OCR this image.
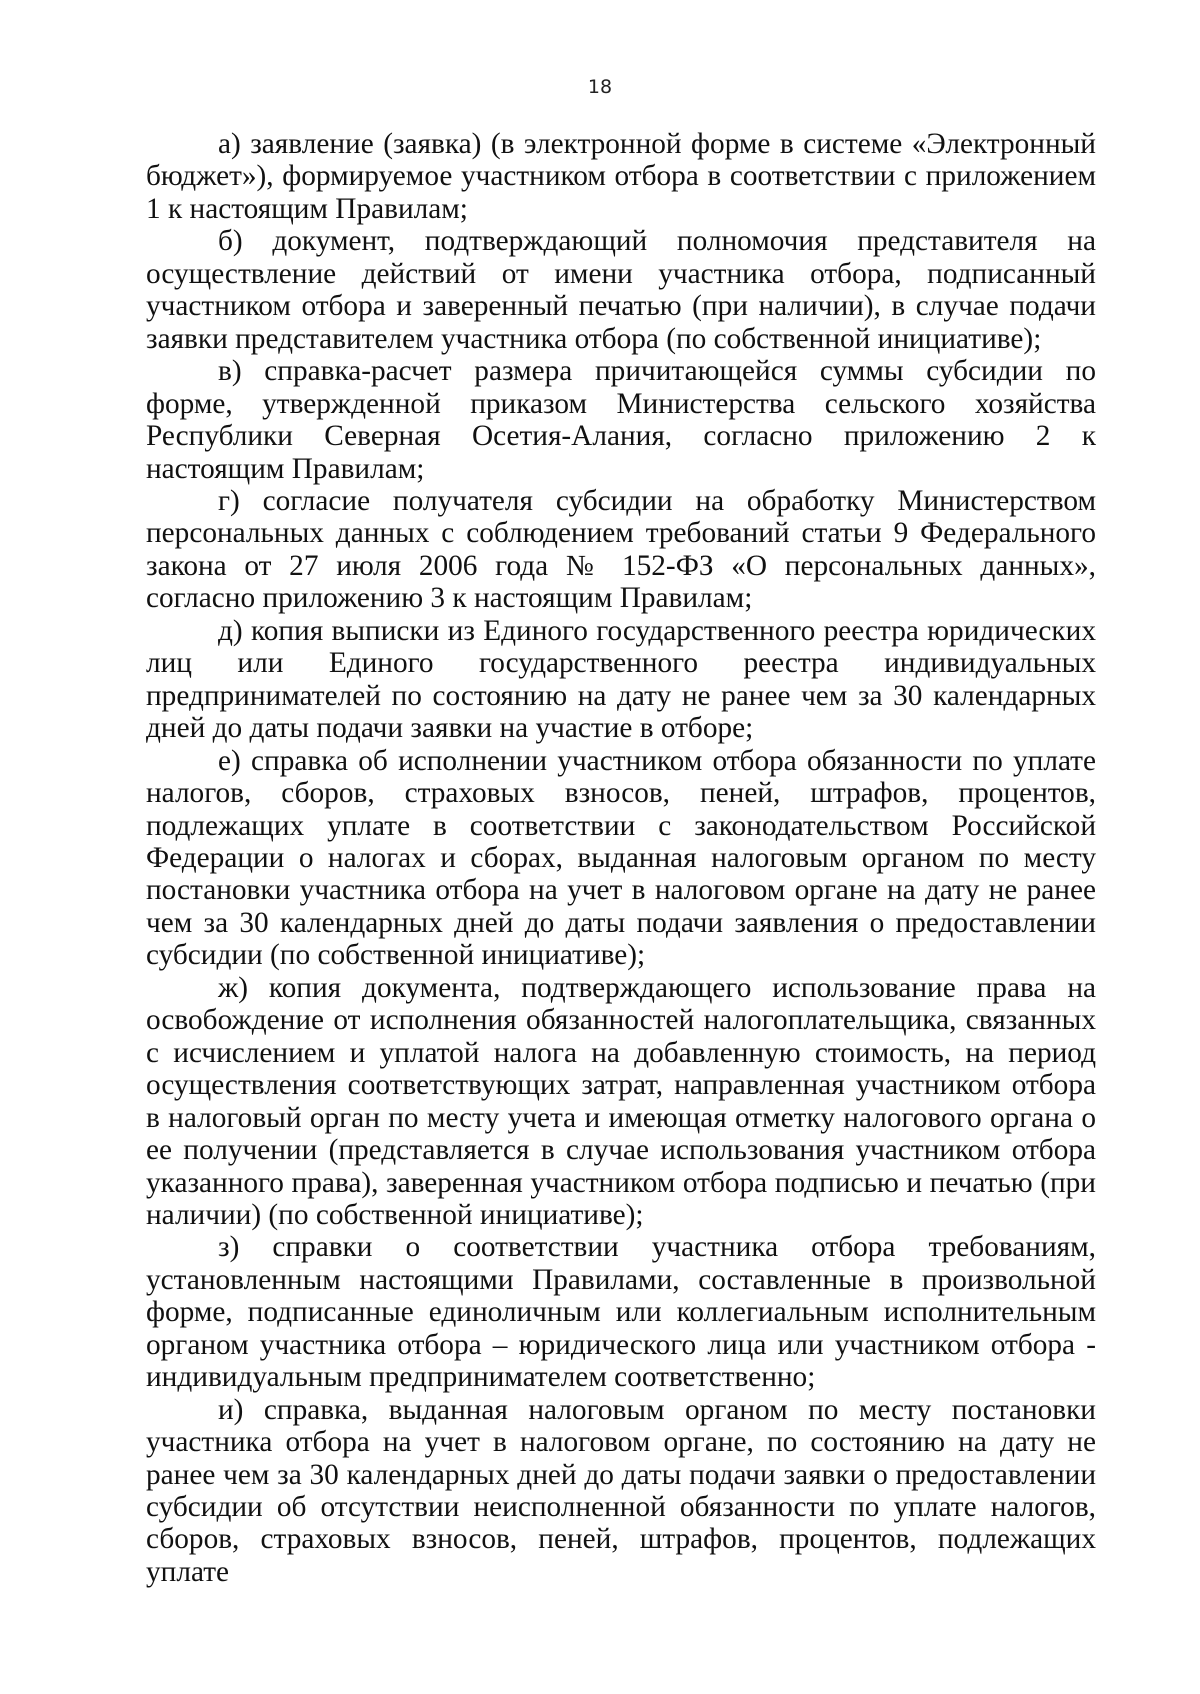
18

а) заявление (заявка) (в электронной форме в системе «Электронный бюджет»), формируемое участником отбора в соответствии с приложением 1 к настоящим Правилам;

б) документ, подтверждающий полномочия представителя на осуществление действий от имени участника отбора, подписанный участником отбора и заверенный печатью (при наличии), в случае подачи заявки представителем участника отбора (по собственной инициативе);

в) справка-расчет размера причитающейся суммы субсидии по форме, утвержденной приказом Министерства сельского хозяйства Республики Северная Осетия-Алания, согласно приложению 2 к настоящим Правилам;

г) согласие получателя субсидии на обработку Министерством персональных данных с соблюдением требований статьи 9 Федерального закона от 27 июля 2006 года № 152-ФЗ «О персональных данных», согласно приложению 3 к настоящим Правилам;

д) копия выписки из Единого государственного реестра юридических лиц или Единого государственного реестра индивидуальных предпринимателей по состоянию на дату не ранее чем за 30 календарных дней до даты подачи заявки на участие в отборе;

е) справка об исполнении участником отбора обязанности по уплате налогов, сборов, страховых взносов, пеней, штрафов, процентов, подлежащих уплате в соответствии с законодательством Российской Федерации о налогах и сборах, выданная налоговым органом по месту постановки участника отбора на учет в налоговом органе на дату не ранее чем за 30 календарных дней до даты подачи заявления о предоставлении субсидии (по собственной инициативе);

ж) копия документа, подтверждающего использование права на освобождение от исполнения обязанностей налогоплательщика, связанных с исчислением и уплатой налога на добавленную стоимость, на период осуществления соответствующих затрат, направленная участником отбора в налоговый орган по месту учета и имеющая отметку налогового органа о ее получении (представляется в случае использования участником отбора указанного права), заверенная участником отбора подписью и печатью (при наличии) (по собственной инициативе);

з) справки о соответствии участника отбора требованиям, установленным настоящими Правилами, составленные в произвольной форме, подписанные единоличным или коллегиальным исполнительным органом участника отбора – юридического лица или участником отбора - индивидуальным предпринимателем соответственно;

и) справка, выданная налоговым органом по месту постановки участника отбора на учет в налоговом органе, по состоянию на дату не ранее чем за 30 календарных дней до даты подачи заявки о предоставлении субсидии об отсутствии неисполненной обязанности по уплате налогов, сборов, страховых взносов, пеней, штрафов, процентов, подлежащих уплате
